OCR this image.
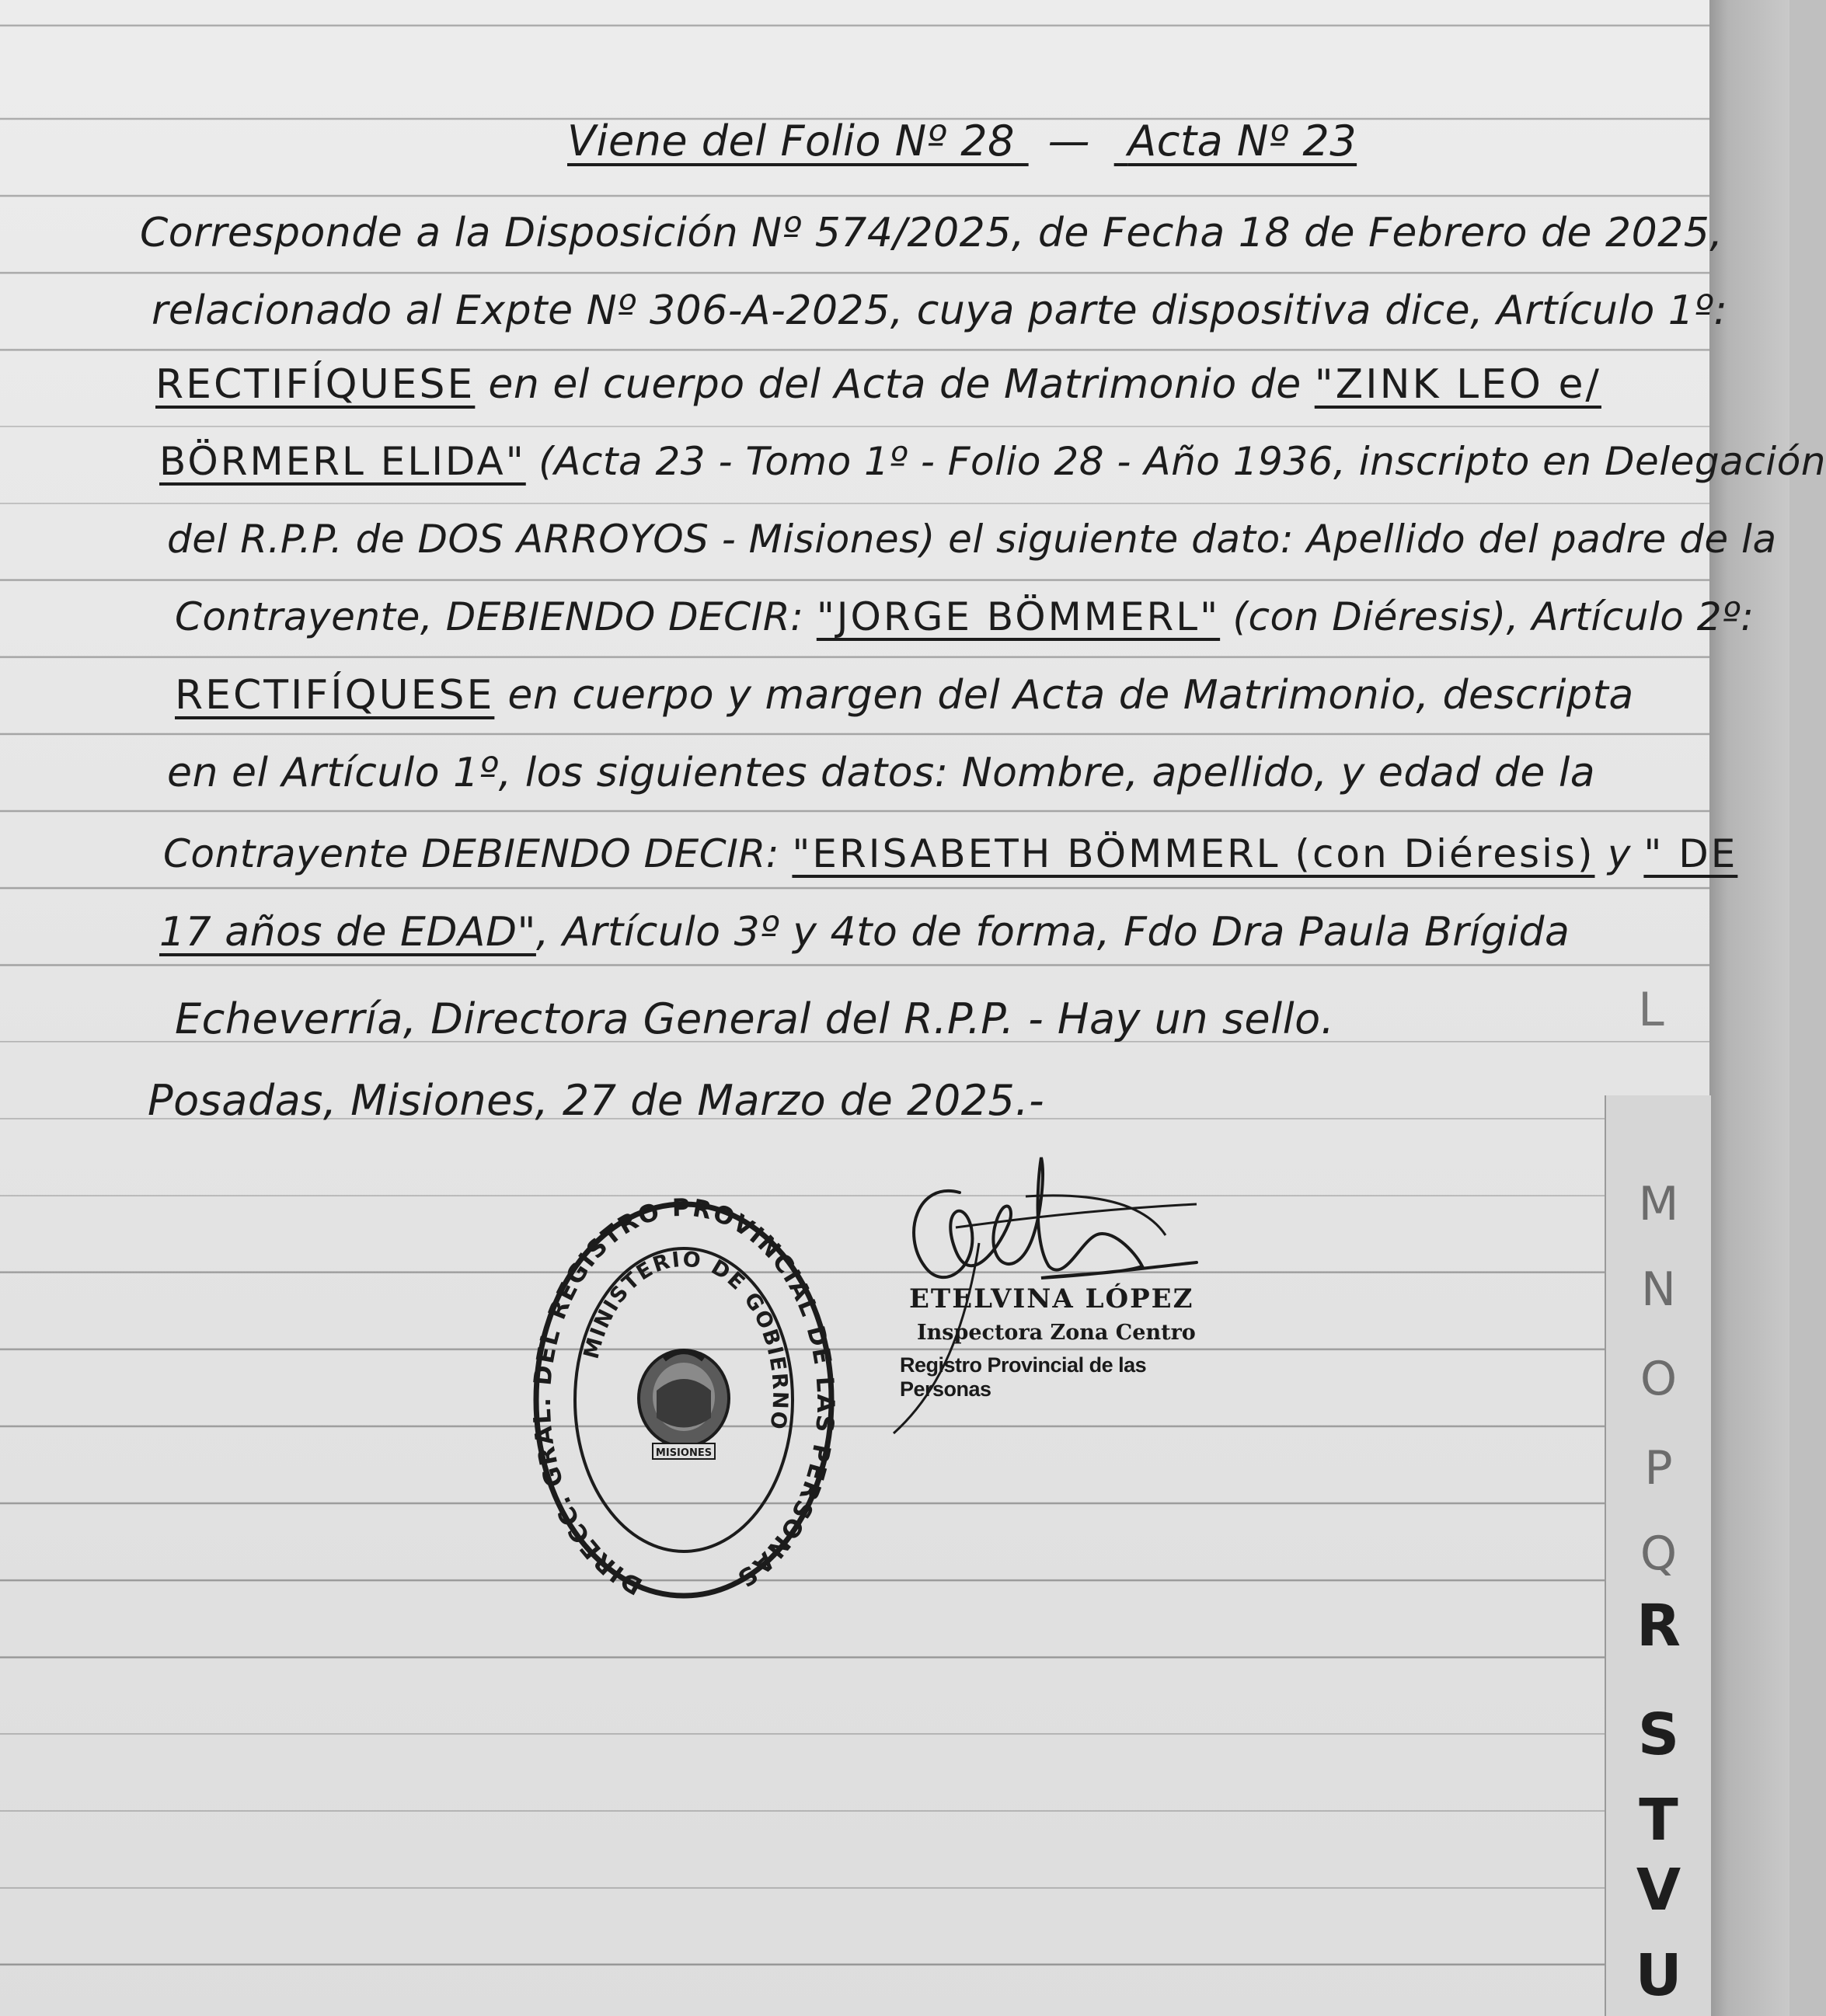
Viene del Folio Nº 28 — Acta Nº 23
Corresponde a la Disposición Nº 574/2025, de Fecha 18 de Febrero de 2025,
relacionado al Expte Nº 306-A-2025, cuya parte dispositiva dice, Artículo 1º:
RECTIFÍQUESE en el cuerpo del Acta de Matrimonio de "ZINK LEO e/
BÖRMERL ELIDA" (Acta 23 - Tomo 1º - Folio 28 - Año 1936, inscripto en Delegación
del R.P.P. de DOS ARROYOS - Misiones) el siguiente dato: Apellido del padre de la
Contrayente, DEBIENDO DECIR: "JORGE BÖMMERL" (con Diéresis), Artículo 2º:
RECTIFÍQUESE en cuerpo y margen del Acta de Matrimonio, descripta
en el Artículo 1º, los siguientes datos: Nombre, apellido, y edad de la
Contrayente DEBIENDO DECIR: "ERISABETH BÖMMERL (con Diéresis) y " DE
17 años de EDAD", Artículo 3º y 4to de forma, Fdo Dra Paula Brígida
Echeverría, Directora General del R.P.P. - Hay un sello.
Posadas, Misiones, 27 de Marzo de 2025.-
DIRECC. GRAL. DEL REGISTRO PROVINCIAL DE LAS PERSONAS
MINISTERIO DE GOBIERNO
MISIONES
ETELVINA LÓPEZ
Inspectora Zona Centro
Registro Provincial de las Personas
L
M
N
O
P
Q
R
S
T
V
U
